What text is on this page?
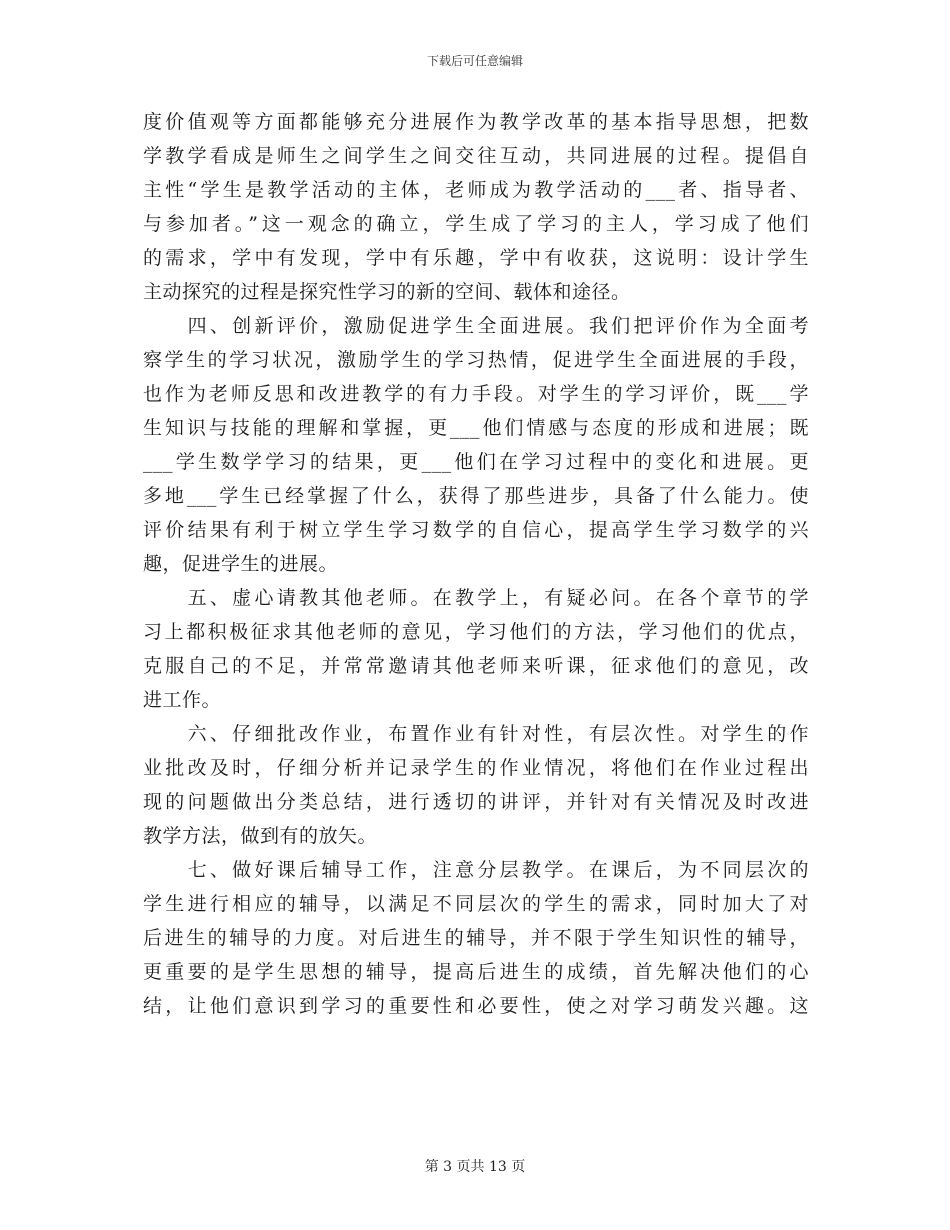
下载后可任意编辑
度价值观等方面都能够充分进展作为教学改革的基本指导思想，把数
学教学看成是师生之间学生之间交往互动，共同进展的过程。提倡自
主性“学生是教学活动的主体，老师成为教学活动的___者、指导者、
与参加者。”这一观念的确立，学生成了学习的主人，学习成了他们
的需求，学中有发现，学中有乐趣，学中有收获，这说明：设计学生
主动探究的过程是探究性学习的新的空间、载体和途径。
　　四、创新评价，激励促进学生全面进展。我们把评价作为全面考
察学生的学习状况，激励学生的学习热情，促进学生全面进展的手段，
也作为老师反思和改进教学的有力手段。对学生的学习评价，既___学
生知识与技能的理解和掌握，更___他们情感与态度的形成和进展；既
___学生数学学习的结果，更___他们在学习过程中的变化和进展。更
多地___学生已经掌握了什么，获得了那些进步，具备了什么能力。使
评价结果有利于树立学生学习数学的自信心，提高学生学习数学的兴
趣，促进学生的进展。
　　五、虚心请教其他老师。在教学上，有疑必问。在各个章节的学
习上都积极征求其他老师的意见，学习他们的方法，学习他们的优点，
克服自己的不足，并常常邀请其他老师来听课，征求他们的意见，改
进工作。
　　六、仔细批改作业，布置作业有针对性，有层次性。对学生的作
业批改及时，仔细分析并记录学生的作业情况，将他们在作业过程出
现的问题做出分类总结，进行透切的讲评，并针对有关情况及时改进
教学方法，做到有的放矢。
　　七、做好课后辅导工作，注意分层教学。在课后，为不同层次的
学生进行相应的辅导，以满足不同层次的学生的需求，同时加大了对
后进生的辅导的力度。对后进生的辅导，并不限于学生知识性的辅导，
更重要的是学生思想的辅导，提高后进生的成绩，首先解决他们的心
结，让他们意识到学习的重要性和必要性，使之对学习萌发兴趣。这
第 3 页共 13 页
